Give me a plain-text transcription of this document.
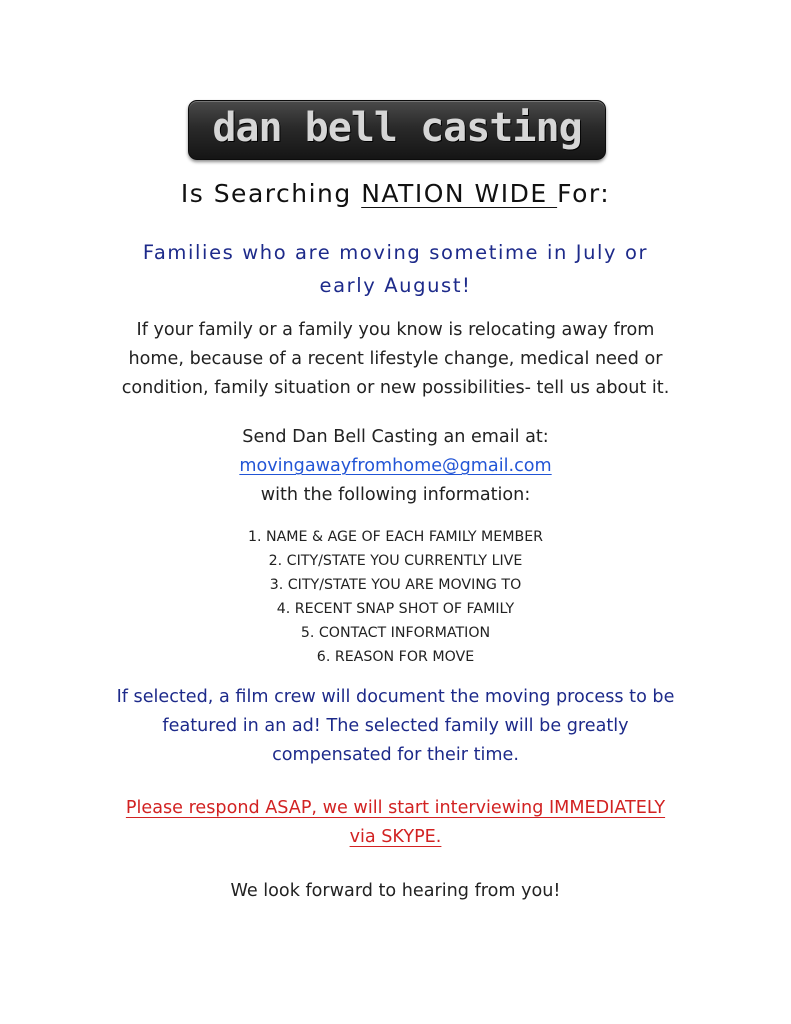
dan bell casting
Is Searching NATION WIDE For:
Families who are moving sometime in July or
early August!
If your family or a family you know is relocating away from
home, because of a recent lifestyle change, medical need or
condition, family situation or new possibilities- tell us about it.
Send Dan Bell Casting an email at:
movingawayfromhome@gmail.com
with the following information:
1. NAME & AGE OF EACH FAMILY MEMBER
2. CITY/STATE YOU CURRENTLY LIVE
3. CITY/STATE YOU ARE MOVING TO
4. RECENT SNAP SHOT OF FAMILY
5. CONTACT INFORMATION
6. REASON FOR MOVE
If selected, a film crew will document the moving process to be
featured in an ad! The selected family will be greatly
compensated for their time.
Please respond ASAP, we will start interviewing IMMEDIATELY
via SKYPE.
We look forward to hearing from you!
